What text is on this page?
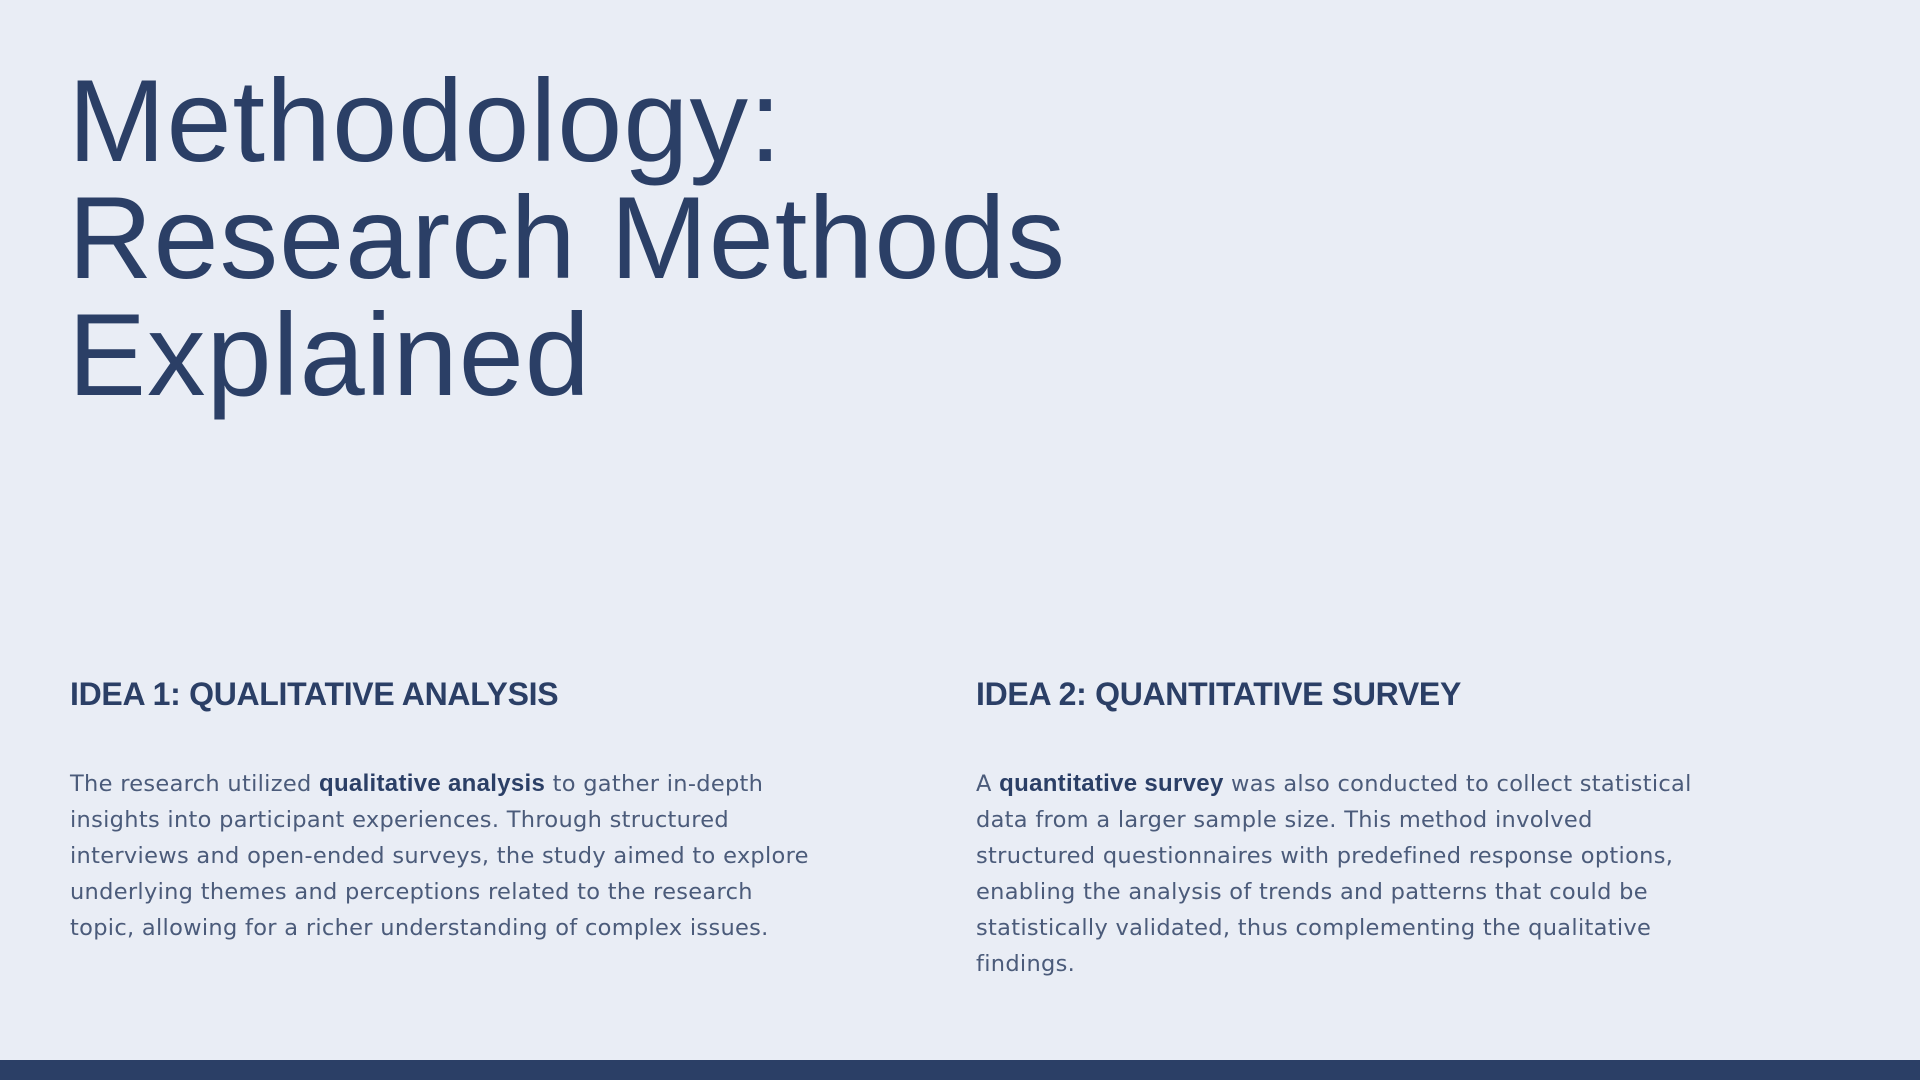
Methodology:
Research Methods
Explained
IDEA 1: QUALITATIVE ANALYSIS

The research utilized qualitative analysis to gather in-depth insights into participant experiences. Through structured interviews and open-ended surveys, the study aimed to explore underlying themes and perceptions related to the research topic, allowing for a richer understanding of complex issues.

IDEA 2: QUANTITATIVE SURVEY

A quantitative survey was also conducted to collect statistical data from a larger sample size. This method involved structured questionnaires with predefined response options, enabling the analysis of trends and patterns that could be statistically validated, thus complementing the qualitative findings.
